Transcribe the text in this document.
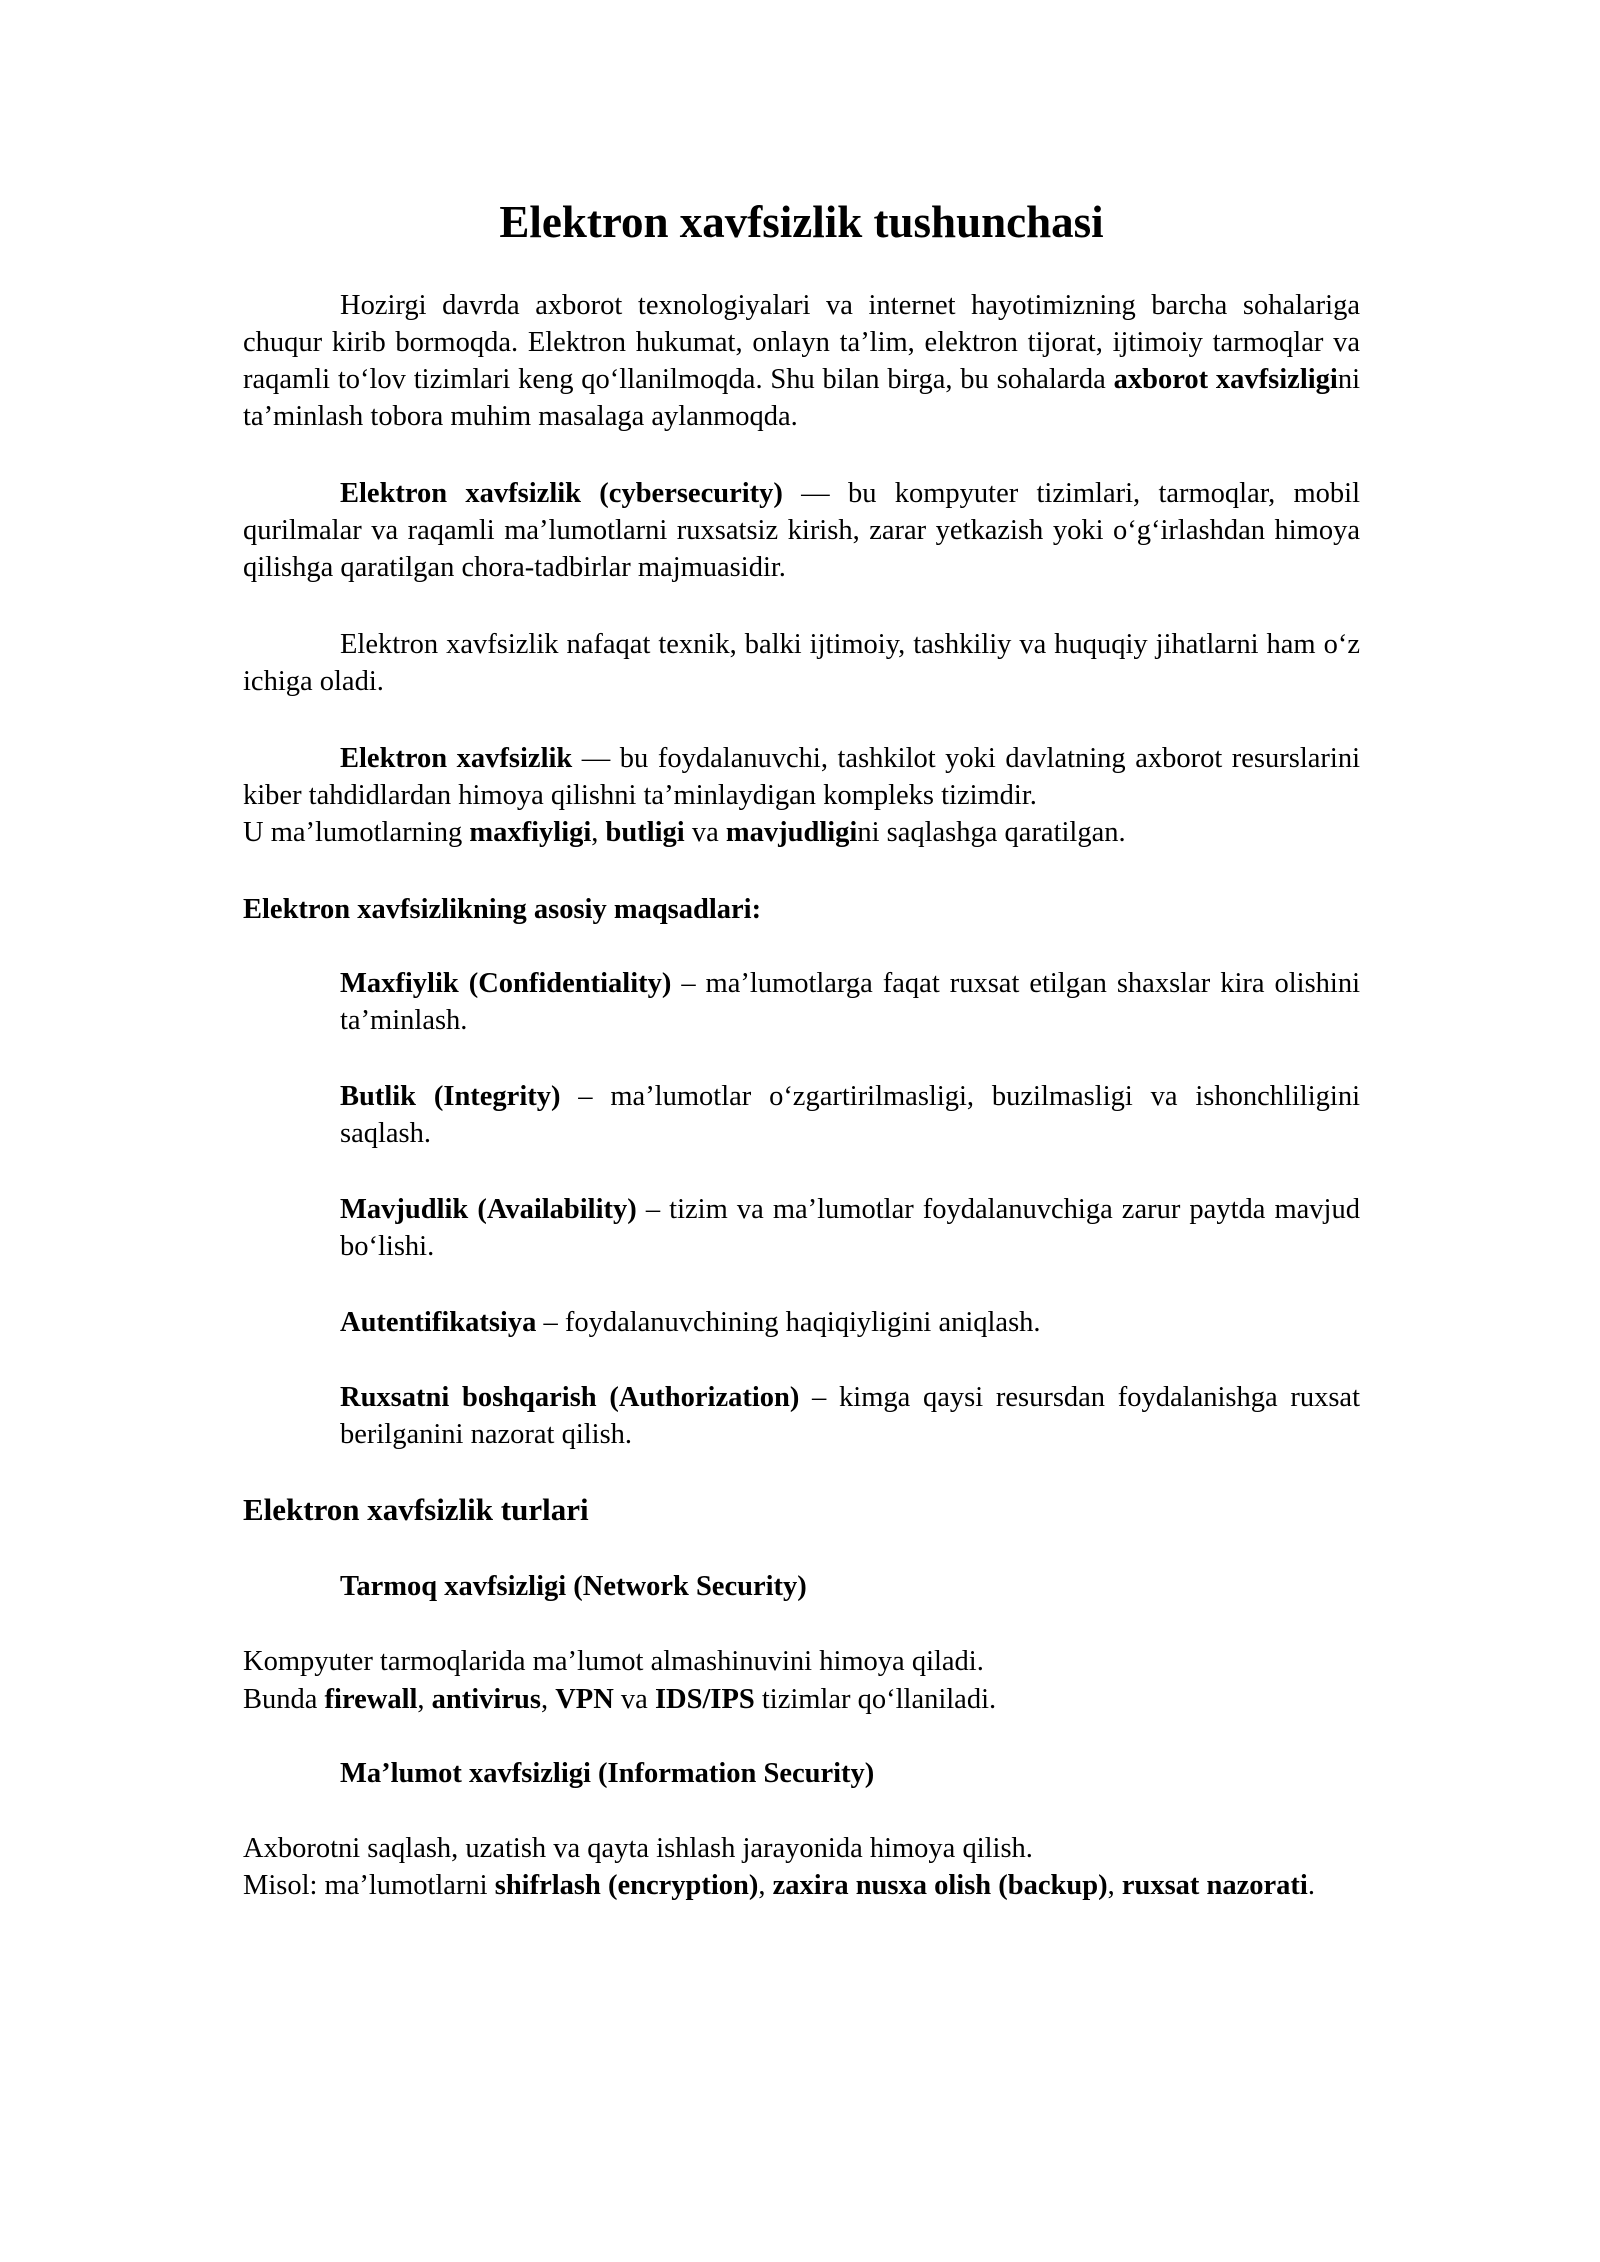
Elektron xavfsizlik tushunchasi

Hozirgi davrda axborot texnologiyalari va internet hayotimizning barcha sohalariga chuqur kirib bormoqda. Elektron hukumat, onlayn ta’lim, elektron tijorat, ijtimoiy tarmoqlar va raqamli to‘lov tizimlari keng qo‘llanilmoqda. Shu bilan birga, bu sohalarda axborot xavfsizligini ta’minlash tobora muhim masalaga aylanmoqda.

Elektron xavfsizlik (cybersecurity) — bu kompyuter tizimlari, tarmoqlar, mobil qurilmalar va raqamli ma’lumotlarni ruxsatsiz kirish, zarar yetkazish yoki o‘g‘irlashdan himoya qilishga qaratilgan chora-tadbirlar majmuasidir.

Elektron xavfsizlik nafaqat texnik, balki ijtimoiy, tashkiliy va huquqiy jihatlarni ham o‘z ichiga oladi.

Elektron xavfsizlik — bu foydalanuvchi, tashkilot yoki davlatning axborot resurslarini kiber tahdidlardan himoya qilishni ta’minlaydigan kompleks tizimdir.

U ma’lumotlarning maxfiyligi, butligi va mavjudligini saqlashga qaratilgan.

Elektron xavfsizlikning asosiy maqsadlari:

Maxfiylik (Confidentiality) – ma’lumotlarga faqat ruxsat etilgan shaxslar kira olishini ta’minlash.

Butlik (Integrity) – ma’lumotlar o‘zgartirilmasligi, buzilmasligi va ishonchliligini saqlash.

Mavjudlik (Availability) – tizim va ma’lumotlar foydalanuvchiga zarur paytda mavjud bo‘lishi.

Autentifikatsiya – foydalanuvchining haqiqiyligini aniqlash.

Ruxsatni boshqarish (Authorization) – kimga qaysi resursdan foydalanishga ruxsat berilganini nazorat qilish.

Elektron xavfsizlik turlari

Tarmoq xavfsizligi (Network Security)

Kompyuter tarmoqlarida ma’lumot almashinuvini himoya qiladi.

Bunda firewall, antivirus, VPN va IDS/IPS tizimlar qo‘llaniladi.

Ma’lumot xavfsizligi (Information Security)

Axborotni saqlash, uzatish va qayta ishlash jarayonida himoya qilish.

Misol: ma’lumotlarni shifrlash (encryption), zaxira nusxa olish (backup), ruxsat nazorati.
